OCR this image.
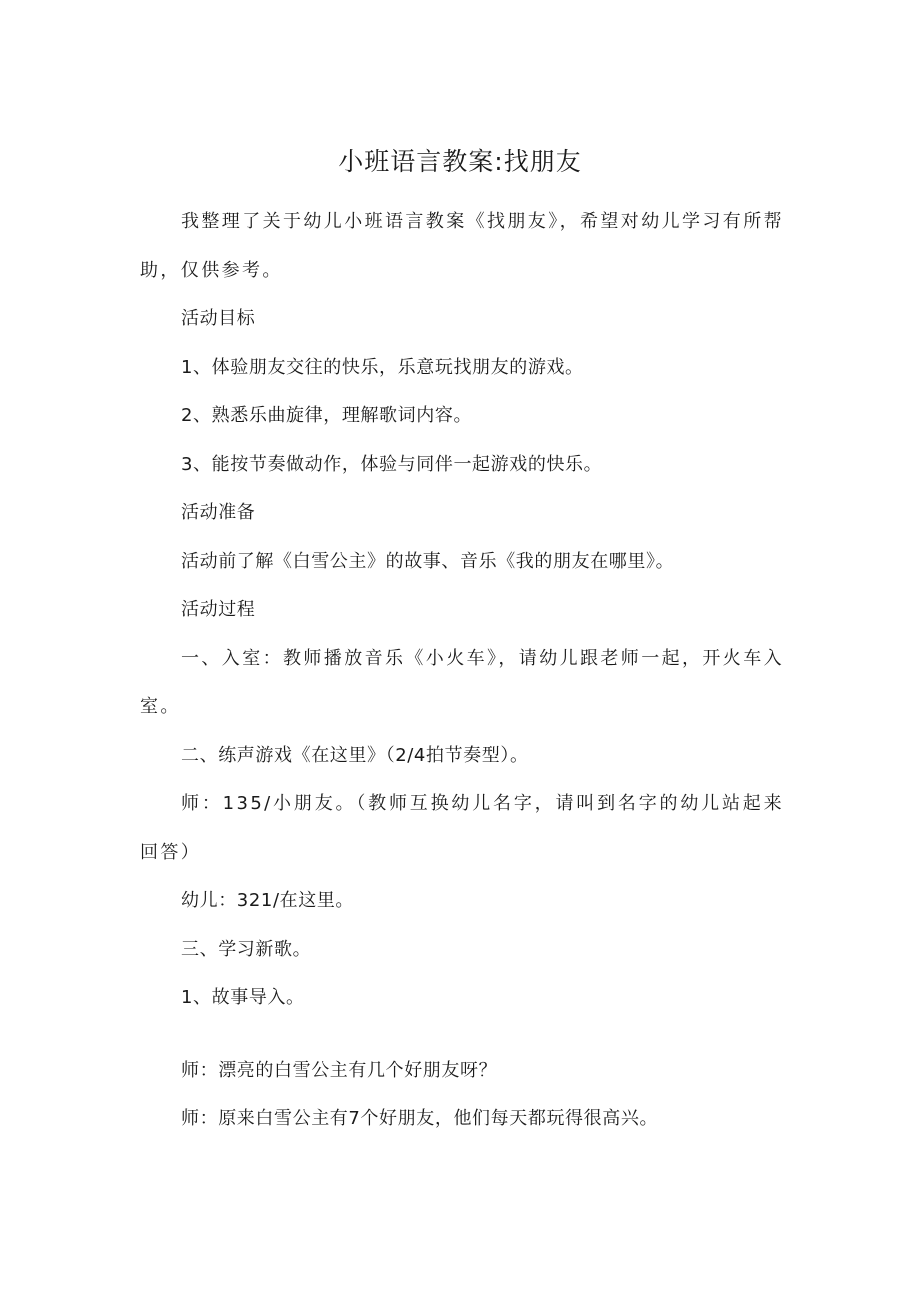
小班语言教案:找朋友

我整理了关于幼儿小班语言教案《找朋友》，希望对幼儿学习有所帮助，仅供参考。

活动目标

1、体验朋友交往的快乐，乐意玩找朋友的游戏。

2、熟悉乐曲旋律，理解歌词内容。

3、能按节奏做动作，体验与同伴一起游戏的快乐。

活动准备

活动前了解《白雪公主》的故事、音乐《我的朋友在哪里》。

活动过程

一、入室：教师播放音乐《小火车》，请幼儿跟老师一起，开火车入室。

二、练声游戏《在这里》（2/4拍节奏型）。

师：135/小朋友。（教师互换幼儿名字，请叫到名字的幼儿站起来回答）

幼儿：321/在这里。

三、学习新歌。

1、故事导入。

师：漂亮的白雪公主有几个好朋友呀？

师：原来白雪公主有7个好朋友，他们每天都玩得很高兴。
